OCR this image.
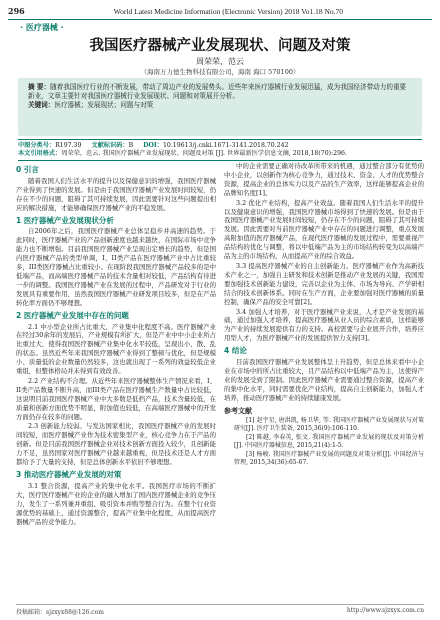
296	World Latest Medicine Information (Electronic Version) 2018 Vo1.18 No.70
· 医疗器械 ·
我国医疗器械产业发展现状、问题及对策
周荣荣，范云
（海南万力德生物科技有限公司，海南 海口 570100）
摘 要：随着我国医疗行业的不断发展，带动了周边产业的发展势头。近些年来医疗器械行业发展迅猛，成为我国经济带动力的重要新业，文章主要针对我国医疗器械行业发展现状、问题和对策展开分析。
关键词：医疗器械；发展现状；问题与对策
中图分类号：R197.39 文献标识码：B DOI：10.19613/j.cnki.1671-3141.2018.70.242
本文引用格式：周荣荣，范云. 我国医疗器械产业发展现状、问题及对策 [J]. 世界最新医学信息文摘, 2018,18(70):296.
0 引言

随着我国人们生活水平的提升以及保健意识的增强，我国医疗器械产业得到了快速的发展。但是由于我国医疗器械产业发展时间较短，仍存在不少的问题，阻碍了其可持续发展，因此需要针对这些问题提出相应的解决措施，才能够确保医疗器械产业的平稳发展。

1 医疗器械产业发展现状分析

自2006年之后，我国医疗器械产业总体呈稳步并高速的趋势。于此同时，医疗器械产业的产品创新速度也越来越快，在国际市场中竞争能力也不断增强。目前我国医疗器械产业呈现出定增长的趋势，但是国内医疗器械产品的类型单调，I、II类产品在医疗器械产业中占比重较多，III类医疗器械占比重较小。在现阶段我国医疗器械产品较多的是中低端产品，而高端医疗器械产品的技术含量相对较低，产品结构有待进一步的调整。我国医疗器械产业在发展的过程中，产品研发对于行业的发展具有重要作用，虽然我国医疗器械产业研发项目较多，但是在产品转化率方面仍不够理想。

2 医疗器械产业发展中存在的问题

2.1 中小型企业所占比重大，产业集中化程度不高。医疗器械产业在经过30余年的发展后，产业规模有所扩大，但是产业中中小企业所占比重过大，使得我国医疗器械产业集中化水平较低，呈现出小、散、乱的状态。虽然近些年来我国医疗器械产业得到了整顿与优化，但是规模小、质量低的企业数量仍然较多，这也就出现了一系列的效益较低企业重组，但整体格局并未得到有效改善。

2.2 产业结构不合理。从近些年来医疗器械整体生产情况来看，I、II类产品数量不断升高，而III类产品在医疗器械生产数量中占比较低，这说明目前我国医疗器械产业中大多数是低档产品，技术含量较低，在质量和创新方面优势不明显，附加值也较低，在高端医疗器械中的开发方面仍存在较多的问题。

2.3 创新能力较弱。与发达国家相比，我国医疗器械产业的发展时间较短，而医疗器械产业作为技术密集型产业，核心竞争力在于产品的创新。但是目前我国医疗器械企业对技术创新方面投入较少，且创新能力不足，虽然国家对医疗器械产业越来越重视，但是技术还是人才方面都给予了大量的支持，但是总体创新水平依旧不够理想。

3 推动医疗器械产业发展的对策

3.1 整合资源，提高产业的集中化水平。我国医疗市场的不断扩大，医疗医疗器械产业的企业的融入增加了国内医疗器械企业的竞争压力，发生了一系列兼并重组、吸引资本并购等整合行为。在整个行业资源优势的基础上，通过资源整合，提高产业集中化程度，从而提高医疗器械产品的竞争能力。

中的企业需要正确对待改革所带来的机遇，通过整合部分有优势的中小企业，以创新作为核心竞争力，通过技术、资金、人才的优势整合资源，提高企业的总体实力以及产品的生产效率，这样能够提高企业的品牌知名度[1]。

3.2 优化产业结构，提高产业效益。随着我国人们生活水平的提升以及健康意识的增强，我国医疗器械市场得到了快速的发展。但是由于我国医疗器械产业发展时间较短，仍存在不少的问题，阻碍了其可持续发展。因此需要对当前医疗器械产业中存在的问题进行调整，重点发展高附加值的医疗器械产品，在现代医疗器械的发展过程中，需要重视产品结构的优化与调整，将以中低端产品为主的市场结构转变为以高端产品为主的市场结构，从而提高产业的综合效益。

3.3 提高医疗器械产业的自主创新能力。医疗器械产业作为高新技术产业之一，加强自主研发和技术创新是推动产业发展的关键，我国需要加强技术创新能力建设，完善以企业为主体、市场为导向、产学研相结合的技术创新体系。同时在生产方面，企业要加强对医疗器械的质量控制，确保产品的安全可靠[2]。

3.4 加强人才培养，对于医疗器械产业来说，人才是产业发展的基础，通过加强人才培养，提高医疗器械从业人员的综合素质，这样能够为产业的持续发展提供有力的支持。高校需要与企业展开合作，培养应用型人才，为医疗器械产业的发展提供智力支持[3]。

4 结论

目前我国医疗器械产业发展整体呈上升趋势，但是总体来看中小企业在市场中的所占比重较大，且产品结构以中低端产品为主，这使得产业的发展受到了限制。因此医疗器械产业需要通过整合资源，提高产业的集中化水平，同时需要优化产业结构，提高自主创新能力，加强人才培养，推动医疗器械产业的持续健康发展。

参考文献

[1] 赵宇星, 唐洪凯, 杨卫华, 等. 我国医疗器械产业发展现状与对策研究[J]. 医疗卫生装备, 2015,36(9):106-110.

[2] 陈越, 李春英, 张文. 我国医疗器械产业发展的现状及对策分析[J]. 中国医疗器械信息, 2015,21(4):1-5.

[3] 杨峻. 我国医疗器械产业发展的问题及对策分析[J]. 中国经济与管理, 2015,34(36):65-67.

投稿邮箱：sjzxyx88@126.com	http://www.sjzxyx.com.cn
